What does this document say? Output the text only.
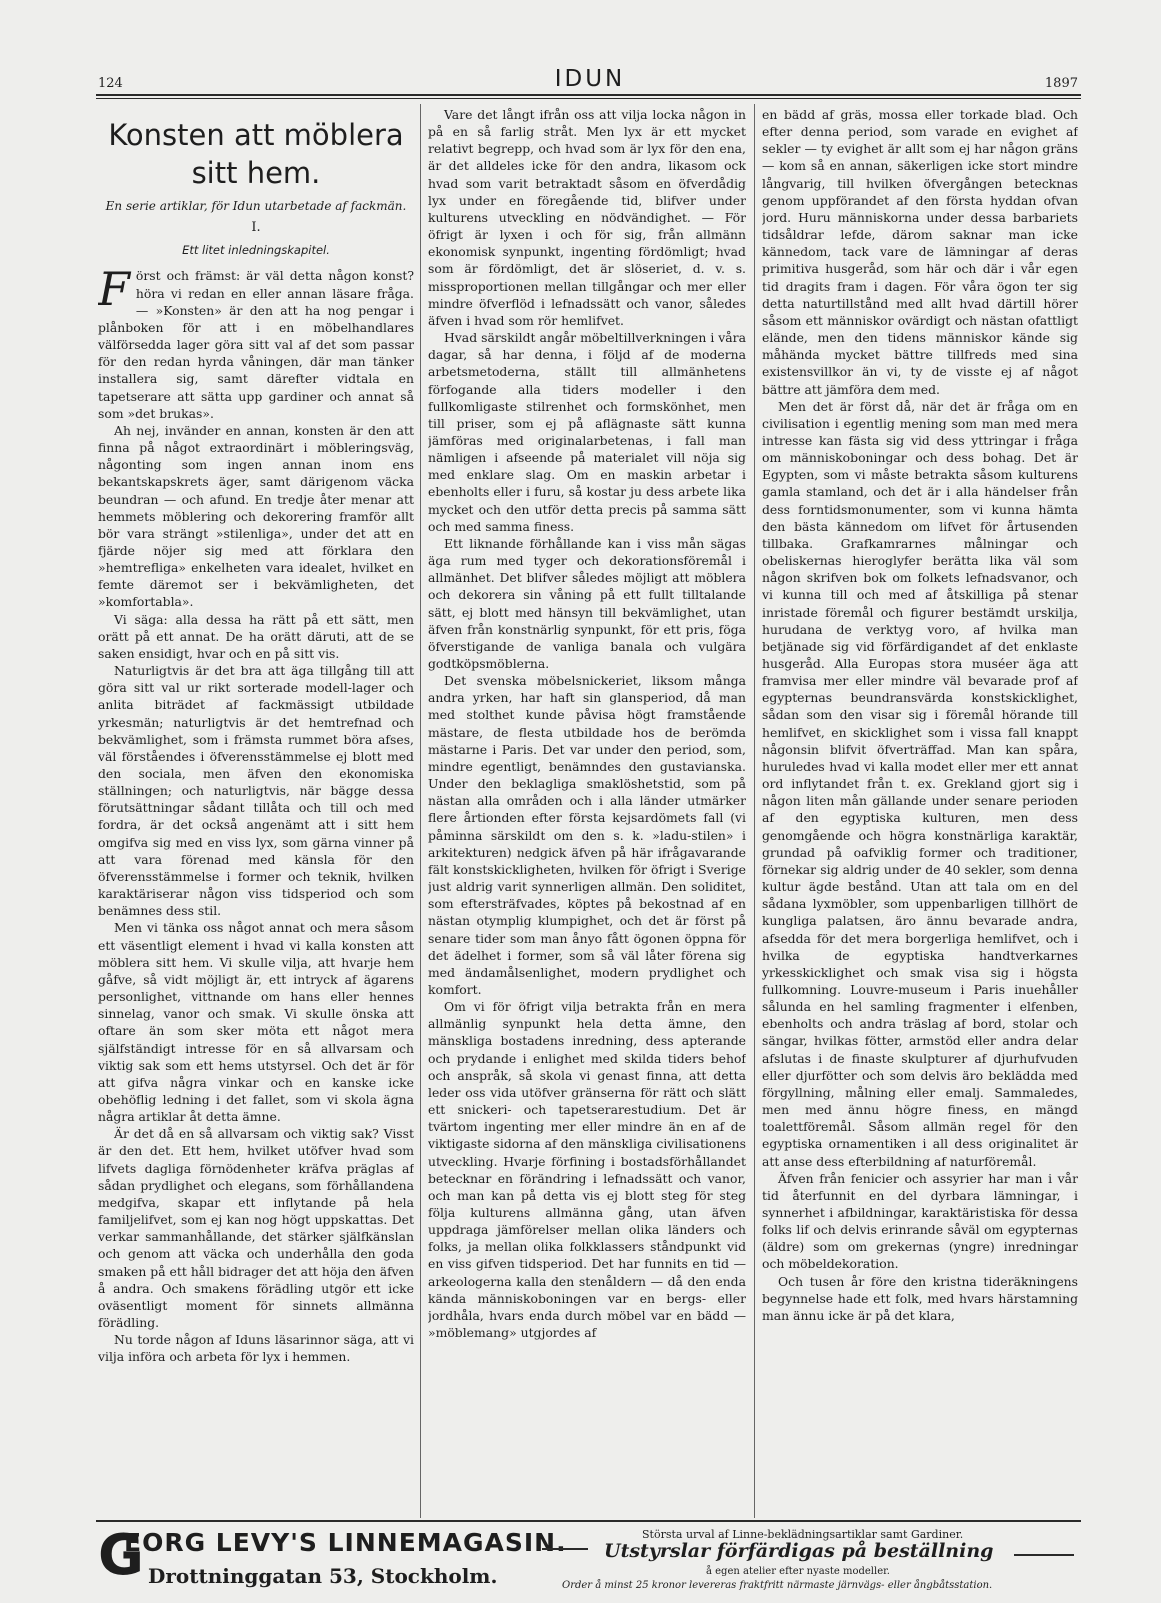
124	IDUN	1897
Konsten att möblera sitt hem.
En serie artiklar, för Idun utarbetade af fackmän.
I.
Ett litet inledningskapitel.

Först och främst: är väl detta någon konst? höra vi redan en eller annan läsare fråga. — »Konsten» är den att ha nog pengar i plånboken för att i en möbelhandlares välförsedda lager göra sitt val af det som passar för den redan hyrda våningen, där man tänker installera sig, samt därefter vidtala en tapetserare att sätta upp gardiner och annat så som »det brukas».

Ah nej, invänder en annan, konsten är den att finna på något extraordinärt i möbleringsväg, någonting som ingen annan inom ens bekantskapskrets äger, samt därigenom väcka beundran — och afund. En tredje åter menar att hemmets möblering och dekorering framför allt bör vara strängt »stilenliga», under det att en fjärde nöjer sig med att förklara den »hemtrefliga» enkelheten vara idealet, hvilket en femte däremot ser i bekvämligheten, det »komfortabla».

Vi säga: alla dessa ha rätt på ett sätt, men orätt på ett annat. De ha orätt däruti, att de se saken ensidigt, hvar och en på sitt vis.

Naturligtvis är det bra att äga tillgång till att göra sitt val ur rikt sorterade modell-lager och anlita biträdet af fackmässigt utbildade yrkesmän; naturligtvis är det hemtrefnad och bekvämlighet, som i främsta rummet böra afses, väl förståendes i öfverensstämmelse ej blott med den sociala, men äfven den ekonomiska ställningen; och naturligtvis, när bägge dessa förutsättningar sådant tillåta och till och med fordra, är det också angenämt att i sitt hem omgifva sig med en viss lyx, som gärna vinner på att vara förenad med känsla för den öfverensstämmelse i former och teknik, hvilken karaktäriserar någon viss tidsperiod och som benämnes dess stil.

Men vi tänka oss något annat och mera såsom ett väsentligt element i hvad vi kalla konsten att möblera sitt hem. Vi skulle vilja, att hvarje hem gåfve, så vidt möjligt är, ett intryck af ägarens personlighet, vittnande om hans eller hennes sinnelag, vanor och smak. Vi skulle önska att oftare än som sker möta ett något mera själfständigt intresse för en så allvarsam och viktig sak som ett hems utstyrsel. Och det är för att gifva några vinkar och en kanske icke obehöflig ledning i det fallet, som vi skola ägna några artiklar åt detta ämne.

Är det då en så allvarsam och viktig sak? Visst är den det. Ett hem, hvilket utöfver hvad som lifvets dagliga förnödenheter kräfva präglas af sådan prydlighet och elegans, som förhållandena medgifva, skapar ett inflytande på hela familjelifvet, som ej kan nog högt uppskattas. Det verkar sammanhållande, det stärker själfkänslan och genom att väcka och underhålla den goda smaken på ett håll bidrager det att höja den äfven å andra. Och smakens förädling utgör ett icke oväsentligt moment för sinnets allmänna förädling.

Nu torde någon af Iduns läsarinnor säga, att vi vilja införa och arbeta för lyx i hemmen.

Vare det långt ifrån oss att vilja locka någon in på en så farlig stråt. Men lyx är ett mycket relativt begrepp, och hvad som är lyx för den ena, är det alldeles icke för den andra, likasom ock hvad som varit betraktadt såsom en öfverdådig lyx under en föregående tid, blifver under kulturens utveckling en nödvändighet. — För öfrigt är lyxen i och för sig, från allmänn ekonomisk synpunkt, ingenting fördömligt; hvad som är fördömligt, det är slöseriet, d. v. s. missproportionen mellan tillgångar och mer eller mindre öfverflöd i lefnadssätt och vanor, således äfven i hvad som rör hemlifvet.

Hvad särskildt angår möbeltillverkningen i våra dagar, så har denna, i följd af de moderna arbetsmetoderna, ställt till allmänhetens förfogande alla tiders modeller i den fullkomligaste stilrenhet och formskönhet, men till priser, som ej på aflägnaste sätt kunna jämföras med originalarbetenas, i fall man nämligen i afseende på materialet vill nöja sig med enklare slag. Om en maskin arbetar i ebenholts eller i furu, så kostar ju dess arbete lika mycket och den utför detta precis på samma sätt och med samma finess.

Ett liknande förhållande kan i viss mån sägas äga rum med tyger och dekorationsföremål i allmänhet. Det blifver således möjligt att möblera och dekorera sin våning på ett fullt tilltalande sätt, ej blott med hänsyn till bekvämlighet, utan äfven från konstnärlig synpunkt, för ett pris, föga öfverstigande de vanliga banala och vulgära godtköpsmöblerna.

Det svenska möbelsnickeriet, liksom många andra yrken, har haft sin glansperiod, då man med stolthet kunde påvisa högt framstående mästare, de flesta utbildade hos de berömda mästarne i Paris. Det var under den period, som, mindre egentligt, benämndes den gustavianska. Under den beklagliga smaklöshetstid, som på nästan alla områden och i alla länder utmärker flere årtionden efter första kejsardömets fall (vi påminna särskildt om den s. k. »ladu-stilen» i arkitekturen) nedgick äfven på här ifrågavarande fält konstskickligheten, hvilken för öfrigt i Sverige just aldrig varit synnerligen allmän. Den soliditet, som eftersträfvades, köptes på bekostnad af en nästan otymplig klumpighet, och det är först på senare tider som man ånyo fått ögonen öppna för det ädelhet i former, som så väl låter förena sig med ändamålsenlighet, modern prydlighet och komfort.

Om vi för öfrigt vilja betrakta från en mera allmänlig synpunkt hela detta ämne, den mänskliga bostadens inredning, dess apterande och prydande i enlighet med skilda tiders behof och anspråk, så skola vi genast finna, att detta leder oss vida utöfver gränserna för rätt och slätt ett snickeri- och tapetserarestudium. Det är tvärtom ingenting mer eller mindre än en af de viktigaste sidorna af den mänskliga civilisationens utveckling. Hvarje förfining i bostadsförhållandet betecknar en förändring i lefnadssätt och vanor, och man kan på detta vis ej blott steg för steg följa kulturens allmänna gång, utan äfven uppdraga jämförelser mellan olika länders och folks, ja mellan olika folkklassers ståndpunkt vid en viss gifven tidsperiod. Det har funnits en tid — arkeologerna kalla den stenåldern — då den enda kända människoboningen var en bergs- eller jordhåla, hvars enda durch möbel var en bädd — »möblemang» utgjordes af

en bädd af gräs, mossa eller torkade blad. Och efter denna period, som varade en evighet af sekler — ty evighet är allt som ej har någon gräns — kom så en annan, säkerligen icke stort mindre långvarig, till hvilken öfvergången betecknas genom uppförandet af den första hyddan ofvan jord. Huru människorna under dessa barbariets tidsåldrar lefde, därom saknar man icke kännedom, tack vare de lämningar af deras primitiva husgeråd, som här och där i vår egen tid dragits fram i dagen. För våra ögon ter sig detta naturtillstånd med allt hvad därtill hörer såsom ett människor ovärdigt och nästan ofattligt elände, men den tidens människor kände sig måhända mycket bättre tillfreds med sina existensvillkor än vi, ty de visste ej af något bättre att jämföra dem med.

Men det är först då, när det är fråga om en civilisation i egentlig mening som man med mera intresse kan fästa sig vid dess yttringar i fråga om människoboningar och dess bohag. Det är Egypten, som vi måste betrakta såsom kulturens gamla stamland, och det är i alla händelser från dess forntidsmonumenter, som vi kunna hämta den bästa kännedom om lifvet för årtusenden tillbaka. Grafkamrarnes målningar och obeliskernas hieroglyfer berätta lika väl som någon skrifven bok om folkets lefnadsvanor, och vi kunna till och med af åtskilliga på stenar inristade föremål och figurer bestämdt urskilja, hurudana de verktyg voro, af hvilka man betjänade sig vid förfärdigandet af det enklaste husgeråd. Alla Europas stora muséer äga att framvisa mer eller mindre väl bevarade prof af egypternas beundransvärda konstskicklighet, sådan som den visar sig i föremål hörande till hemlifvet, en skicklighet som i vissa fall knappt någonsin blifvit öfverträffad. Man kan spåra, huruledes hvad vi kalla modet eller mer ett annat ord inflytandet från t. ex. Grekland gjort sig i någon liten mån gällande under senare perioden af den egyptiska kulturen, men dess genomgående och högra konstnärliga karaktär, grundad på oafviklig former och traditioner, förnekar sig aldrig under de 40 sekler, som denna kultur ägde bestånd. Utan att tala om en del sådana lyxmöbler, som uppenbarligen tillhört de kungliga palatsen, äro ännu bevarade andra, afsedda för det mera borgerliga hemlifvet, och i hvilka de egyptiska handtverkarnes yrkesskicklighet och smak visa sig i högsta fullkomning. Louvre-museum i Paris inuehåller sålunda en hel samling fragmenter i elfenben, ebenholts och andra träslag af bord, stolar och sängar, hvilkas fötter, armstöd eller andra delar afslutas i de finaste skulpturer af djurhufvuden eller djurfötter och som delvis äro beklädda med förgyllning, målning eller emalj. Sammaledes, men med ännu högre finess, en mängd toalettföremål. Såsom allmän regel för den egyptiska ornamentiken i all dess originalitet är att anse dess efterbildning af naturföremål.

Äfven från fenicier och assyrier har man i vår tid återfunnit en del dyrbara lämningar, i synnerhet i afbildningar, karaktäristiska för dessa folks lif och delvis erinrande såväl om egypternas (äldre) som om grekernas (yngre) inredningar och möbeldekoration.

Och tusen år före den kristna tideräkningens begynnelse hade ett folk, med hvars härstamning man ännu icke är på det klara,

G
EORG LEVY'S LINNEMAGASIN.
Drottninggatan 53, Stockholm.
Största urval af Linne-beklädningsartiklar samt Gardiner.
Utstyrslar förfärdigas på beställning
å egen atelier efter nyaste modeller.
Order å minst 25 kronor levereras fraktfritt närmaste järnvägs- eller ångbåtsstation.
